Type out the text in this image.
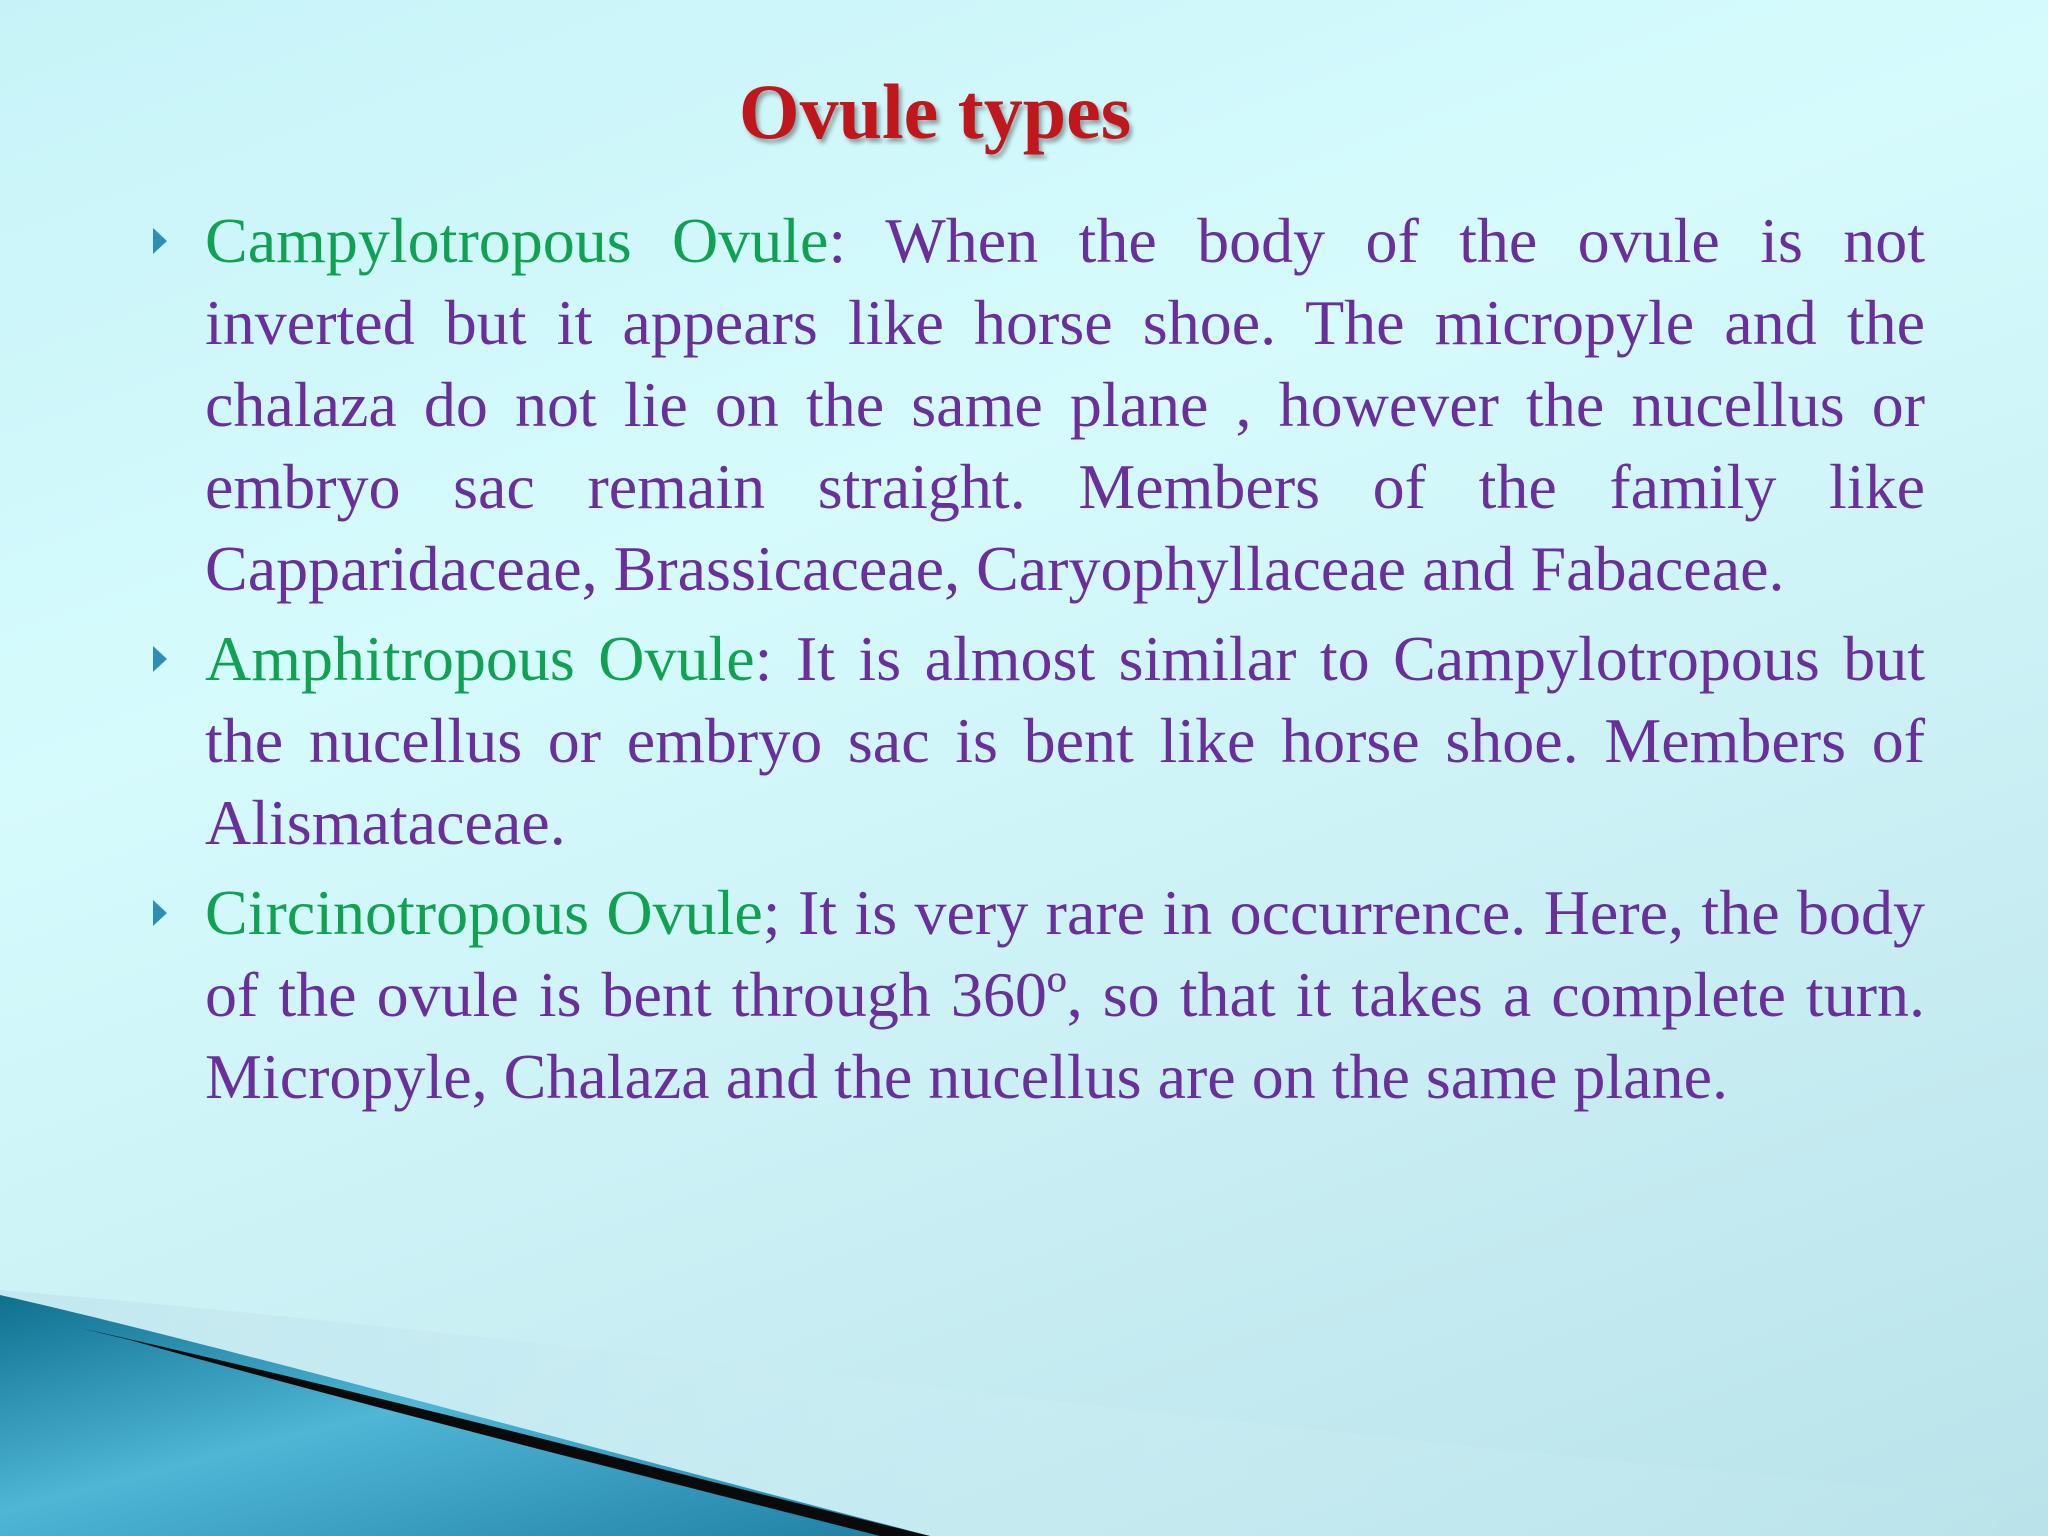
Ovule types
Campylotropous Ovule: When the body of the ovule is not inverted but it appears like horse shoe. The micropyle and the chalaza do not lie on the same plane , however the nucellus or embryo sac remain straight. Members of the family like Capparidaceae, Brassicaceae, Caryophyllaceae and Fabaceae.
Amphitropous Ovule: It is almost similar to Campylotropous but the nucellus or embryo sac is bent like horse shoe. Members of Alismataceae.
Circinotropous Ovule; It is very rare in occurrence. Here, the body of the ovule is bent through 360º, so that it takes a complete turn. Micropyle, Chalaza and the nucellus are on the same plane.
